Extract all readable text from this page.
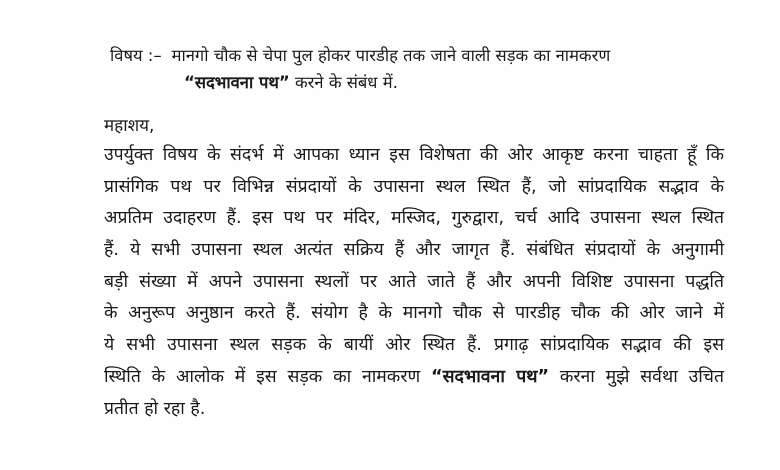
विषय :– मानगो चौक से चेपा पुल होकर पारडीह तक जाने वाली सड़क का नामकरण
“सदभावना पथ” करने के संबंध में.
महाशय,
उपर्युक्त विषय के संदर्भ में आपका ध्यान इस विशेषता की ओर आकृष्ट करना चाहता हूँ कि
प्रासंगिक पथ पर विभिन्न संप्रदायों के उपासना स्थल स्थित हैं, जो सांप्रदायिक सद्भाव के
अप्रतिम उदाहरण हैं. इस पथ पर मंदिर, मस्जिद, गुरुद्वारा, चर्च आदि उपासना स्थल स्थित
हैं. ये सभी उपासना स्थल अत्यंत सक्रिय हैं और जागृत हैं. संबंधित संप्रदायों के अनुगामी
बड़ी संख्या में अपने उपासना स्थलों पर आते जाते हैं और अपनी विशिष्ट उपासना पद्धति
के अनुरूप अनुष्ठान करते हैं. संयोग है के मानगो चौक से पारडीह चौक की ओर जाने में
ये सभी उपासना स्थल सड़क के बायीं ओर स्थित हैं. प्रगाढ़ सांप्रदायिक सद्भाव की इस
स्थिति के आलोक में इस सड़क का नामकरण “सदभावना पथ” करना मुझे सर्वथा उचित
प्रतीत हो रहा है.
